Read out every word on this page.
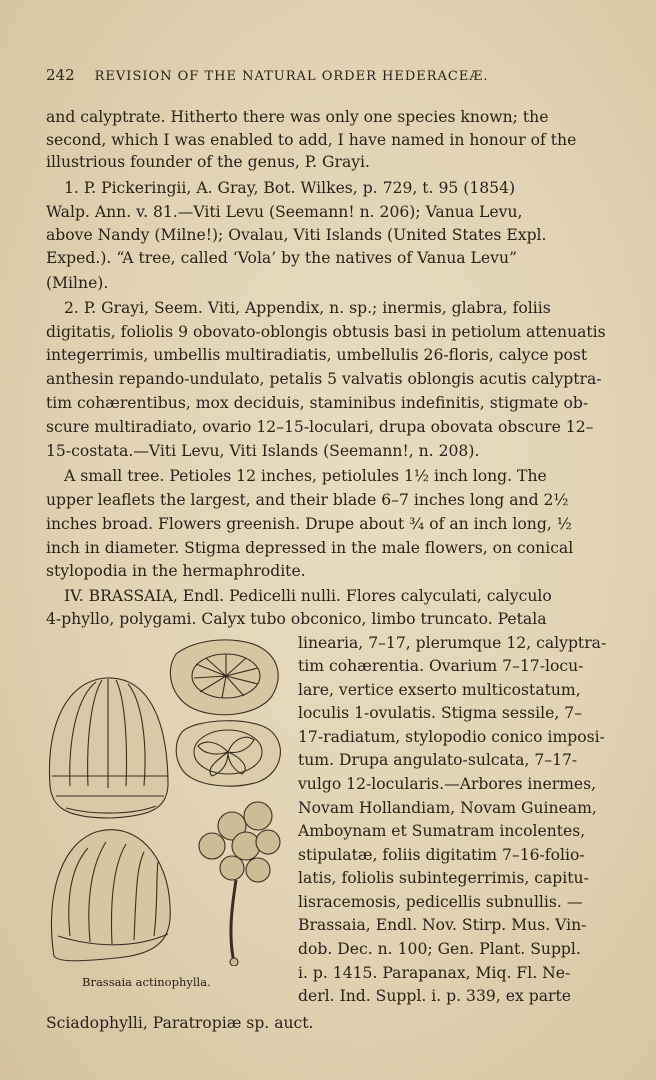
242 REVISION OF THE NATURAL ORDER HEDERACEÆ.
and calyptrate. Hitherto there was only one species known; the
second, which I was enabled to add, I have named in honour of the
illustrious founder of the genus, P. Grayi.
1. P. Pickeringii, A. Gray, Bot. Wilkes, p. 729, t. 95 (1854)
Walp. Ann. v. 81.—Viti Levu (Seemann! n. 206); Vanua Levu,
above Nandy (Milne!); Ovalau, Viti Islands (United States Expl.
Exped.). “A tree, called ‘Vola’ by the natives of Vanua Levu”
(Milne).
2. P. Grayi, Seem. Viti, Appendix, n. sp.; inermis, glabra, foliis
digitatis, foliolis 9 obovato-oblongis obtusis basi in petiolum attenuatis
integerrimis, umbellis multiradiatis, umbellulis 26-floris, calyce post
anthesin repando-undulato, petalis 5 valvatis oblongis acutis calyptra-
tim cohærentibus, mox deciduis, staminibus indefinitis, stigmate ob-
scure multiradiato, ovario 12–15-loculari, drupa obovata obscure 12–
15-costata.—Viti Levu, Viti Islands (Seemann!, n. 208).
A small tree. Petioles 12 inches, petiolules 1½ inch long. The
upper leaflets the largest, and their blade 6–7 inches long and 2½
inches broad. Flowers greenish. Drupe about ¾ of an inch long, ½
inch in diameter. Stigma depressed in the male flowers, on conical
stylopodia in the hermaphrodite.
IV. BRASSAIA, Endl. Pedicelli nulli. Flores calyculati, calyculo
4-phyllo, polygami. Calyx tubo obconico, limbo truncato. Petala
linearia, 7–17, plerumque 12, calyptra-
tim cohærentia. Ovarium 7–17-locu-
lare, vertice exserto multicostatum,
loculis 1-ovulatis. Stigma sessile, 7–
17-radiatum, stylopodio conico imposi-
tum. Drupa angulato-sulcata, 7–17-
vulgo 12-locularis.—Arbores inermes,
Novam Hollandiam, Novam Guineam,
Amboynam et Sumatram incolentes,
stipulatæ, foliis digitatim 7–16-folio-
latis, foliolis subintegerrimis, capitu-
lisracemosis, pedicellis subnullis. —
Brassaia, Endl. Nov. Stirp. Mus. Vin-
dob. Dec. n. 100; Gen. Plant. Suppl.
i. p. 1415. Parapanax, Miq. Fl. Ne-
derl. Ind. Suppl. i. p. 339, ex parte
Sciadophylli, Paratropiæ sp. auct.
Brassaia actinophylla.
